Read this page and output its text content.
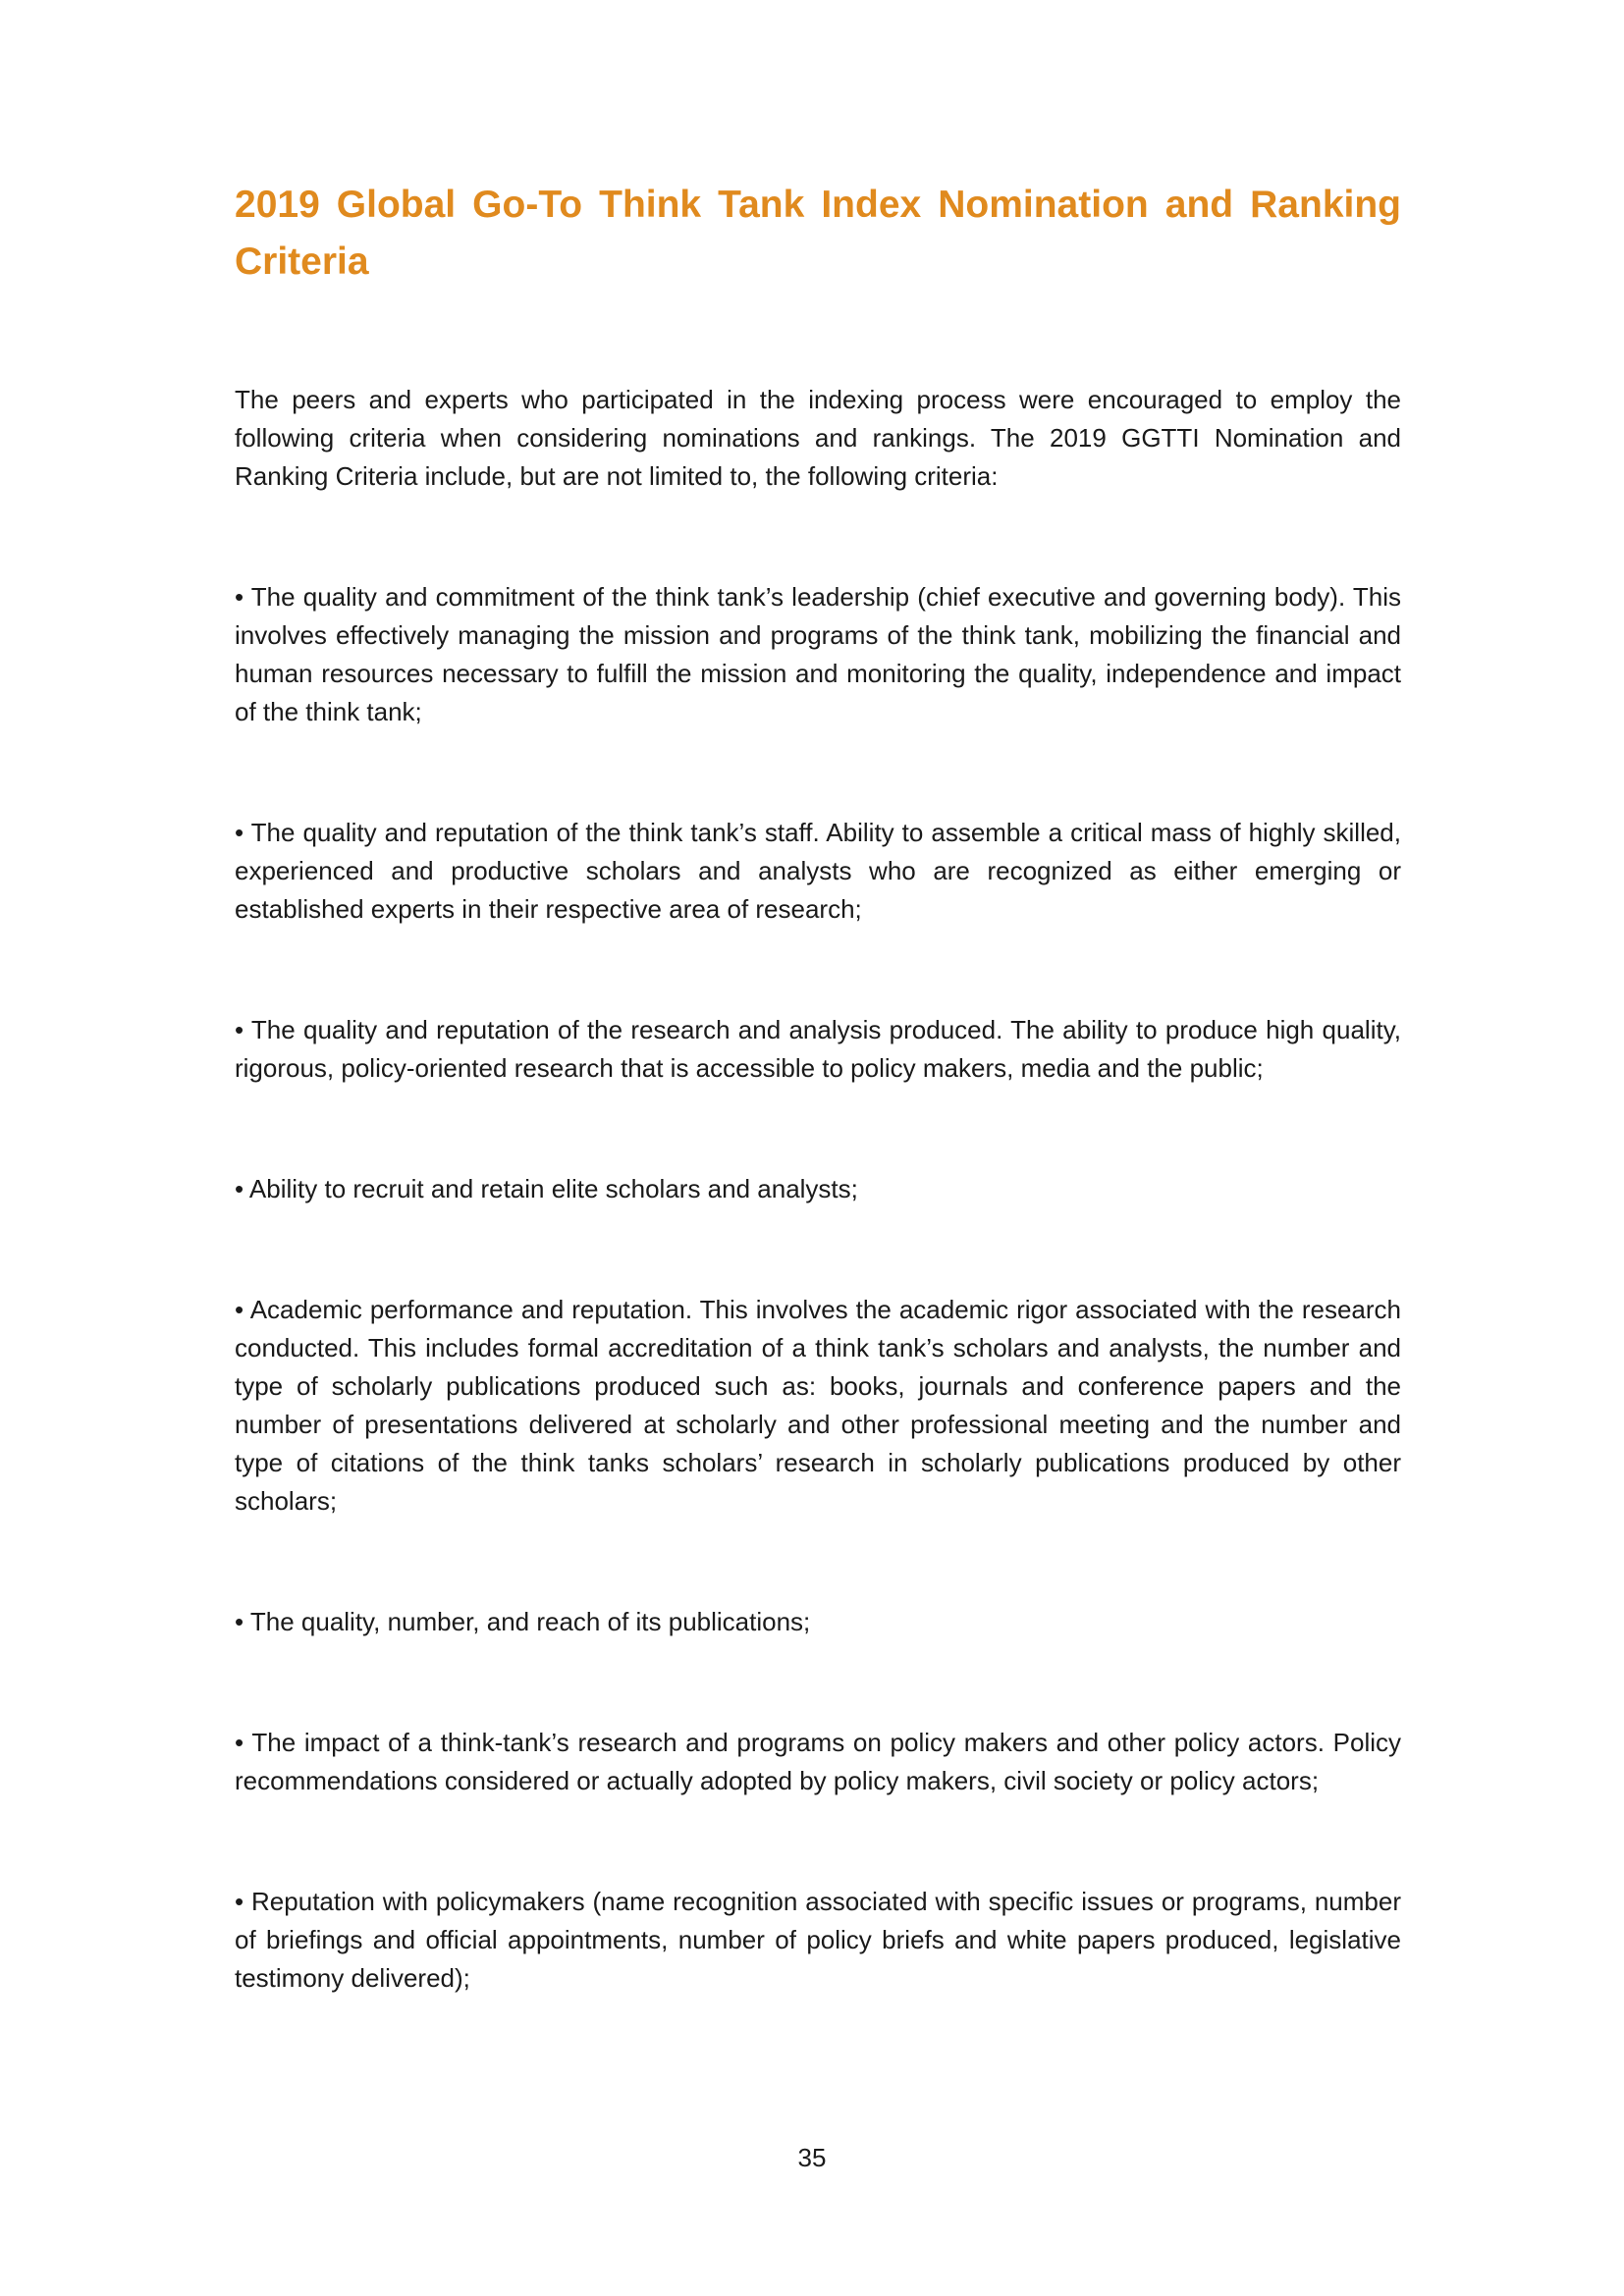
2019 Global Go-To Think Tank Index Nomination and Ranking Criteria

The peers and experts who participated in the indexing process were encouraged to employ the following criteria when considering nominations and rankings. The 2019 GGTTI Nomination and Ranking Criteria include, but are not limited to, the following criteria:

• The quality and commitment of the think tank’s leadership (chief executive and governing body). This involves effectively managing the mission and programs of the think tank, mobilizing the financial and human resources necessary to fulfill the mission and monitoring the quality, independence and impact of the think tank;
• The quality and reputation of the think tank’s staff. Ability to assemble a critical mass of highly skilled, experienced and productive scholars and analysts who are recognized as either emerging or established experts in their respective area of research;
• The quality and reputation of the research and analysis produced. The ability to produce high quality, rigorous, policy-oriented research that is accessible to policy makers, media and the public;
• Ability to recruit and retain elite scholars and analysts;
• Academic performance and reputation. This involves the academic rigor associated with the research conducted. This includes formal accreditation of a think tank’s scholars and analysts, the number and type of scholarly publications produced such as: books, journals and conference papers and the number of presentations delivered at scholarly and other professional meeting and the number and type of citations of the think tanks scholars’ research in scholarly publications produced by other scholars;
• The quality, number, and reach of its publications;
• The impact of a think-tank’s research and programs on policy makers and other policy actors. Policy recommendations considered or actually adopted by policy makers, civil society or policy actors;
• Reputation with policymakers (name recognition associated with specific issues or programs, number of briefings and official appointments, number of policy briefs and white papers produced, legislative testimony delivered);
35
